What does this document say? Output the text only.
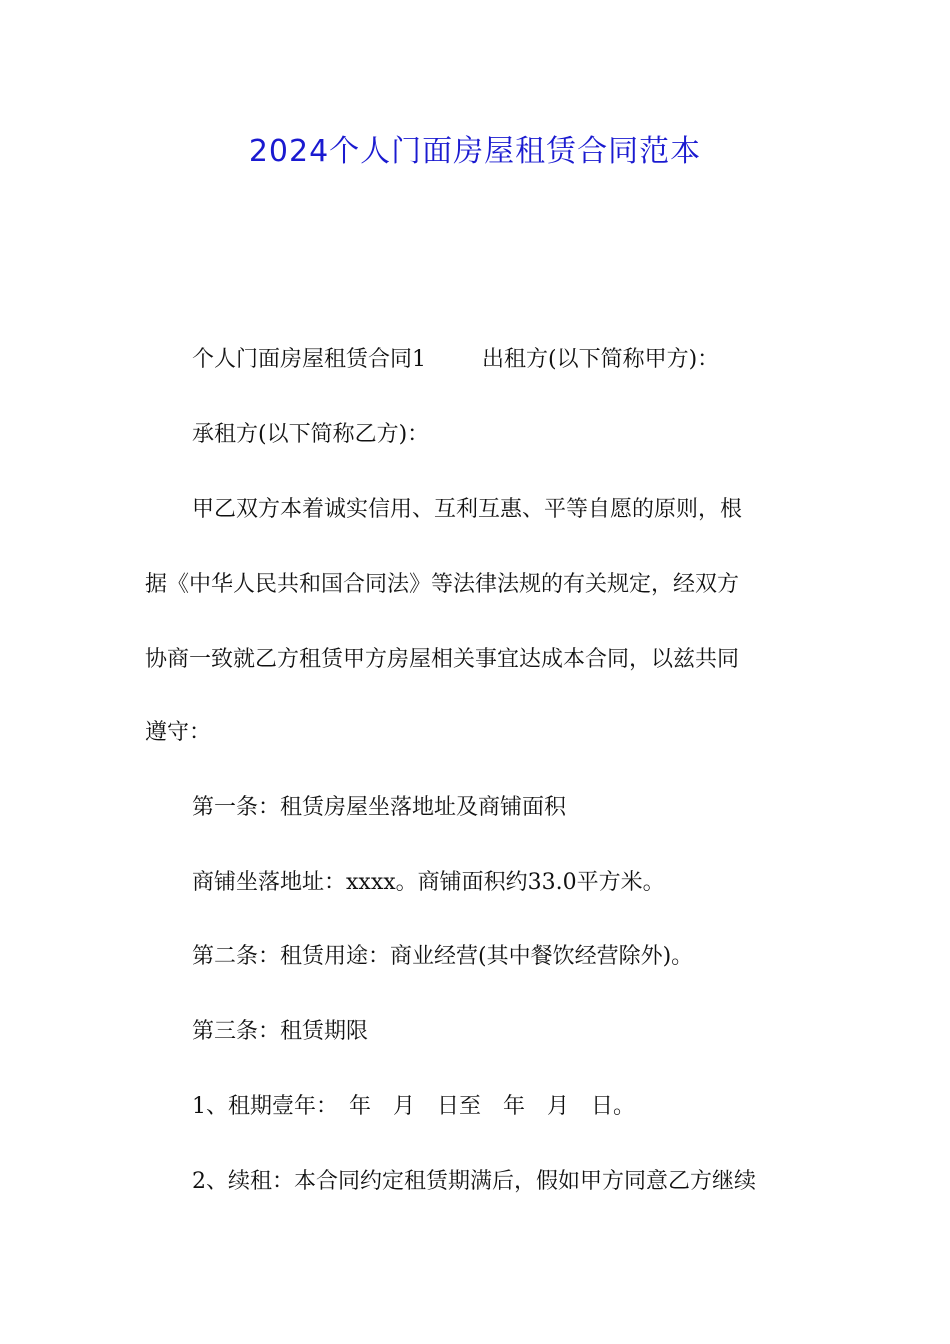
2024个人门面房屋租赁合同范本
个人门面房屋租赁合同1	出租方(以下简称甲方)：
承租方(以下简称乙方)：
甲乙双方本着诚实信用、互利互惠、平等自愿的原则，根
据《中华人民共和国合同法》等法律法规的有关规定，经双方
协商一致就乙方租赁甲方房屋相关事宜达成本合同，以兹共同
遵守：
第一条：租赁房屋坐落地址及商铺面积
商铺坐落地址：xxxx。商铺面积约33.0平方米。
第二条：租赁用途：商业经营(其中餐饮经营除外)。
第三条：租赁期限
1、租期壹年：　年　月　日至　年　月　日。
2、续租：本合同约定租赁期满后，假如甲方同意乙方继续
